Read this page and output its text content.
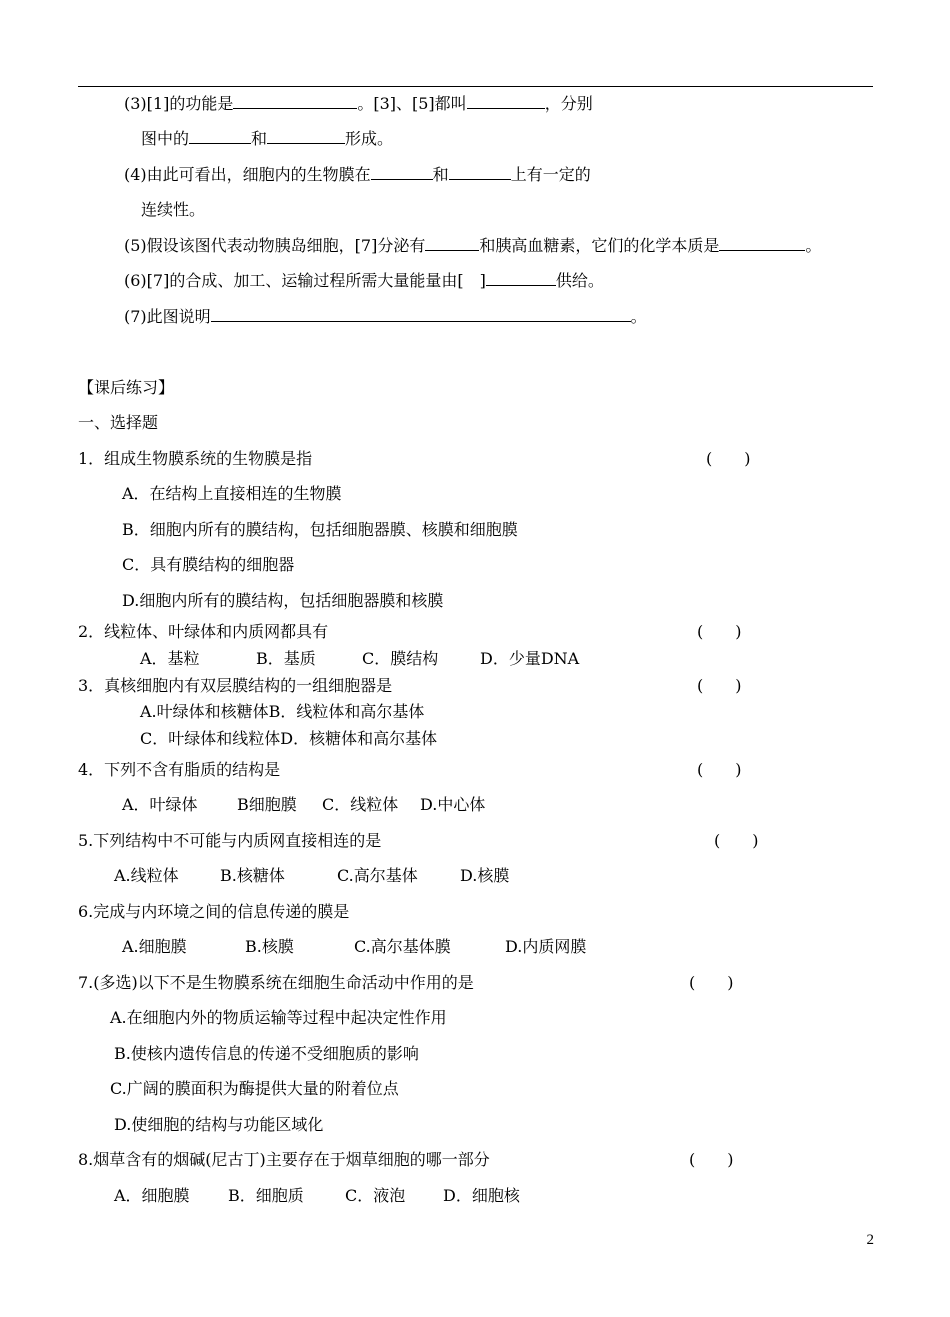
(3)[1]的功能是	。[3]、[5]都叫	，分别
图中的	和	形成。
(4)由此可看出，细胞内的生物膜在	和	上有一定的
连续性。
(5)假设该图代表动物胰岛细胞，[7]分泌有	和胰高血糖素，它们的化学本质是	。
(6)[7]的合成、加工、运输过程所需大量能量由[　]	供给。
(7)此图说明	。
【课后练习】
一、选择题
1．组成生物膜系统的生物膜是指	(　　)
A．在结构上直接相连的生物膜
B．细胞内所有的膜结构，包括细胞器膜、核膜和细胞膜
C．具有膜结构的细胞器
D.细胞内所有的膜结构，包括细胞器膜和核膜
2．线粒体、叶绿体和内质网都具有	(　　)
A．基粒	B．基质	C．膜结构	D．少量DNA
3．真核细胞内有双层膜结构的一组细胞器是	(　　)
A.叶绿体和核糖体B．线粒体和高尔基体
C．叶绿体和线粒体D．核糖体和高尔基体
4．下列不含有脂质的结构是	(　　)
A．叶绿体 B细胞膜 C．线粒体 D.中心体
5.下列结构中不可能与内质网直接相连的是	(　　)
A.线粒体	B.核糖体	C.高尔基体	D.核膜
6.完成与内环境之间的信息传递的膜是
A.细胞膜	B.核膜	C.高尔基体膜	D.内质网膜
7.(多选)以下不是生物膜系统在细胞生命活动中作用的是	(　　)
A.在细胞内外的物质运输等过程中起决定性作用
B.使核内遗传信息的传递不受细胞质的影响
C.广阔的膜面积为酶提供大量的附着位点
D.使细胞的结构与功能区域化
8.烟草含有的烟碱(尼古丁)主要存在于烟草细胞的哪一部分	(　　)
A．细胞膜 B．细胞质	C．液泡 D．细胞核
2
